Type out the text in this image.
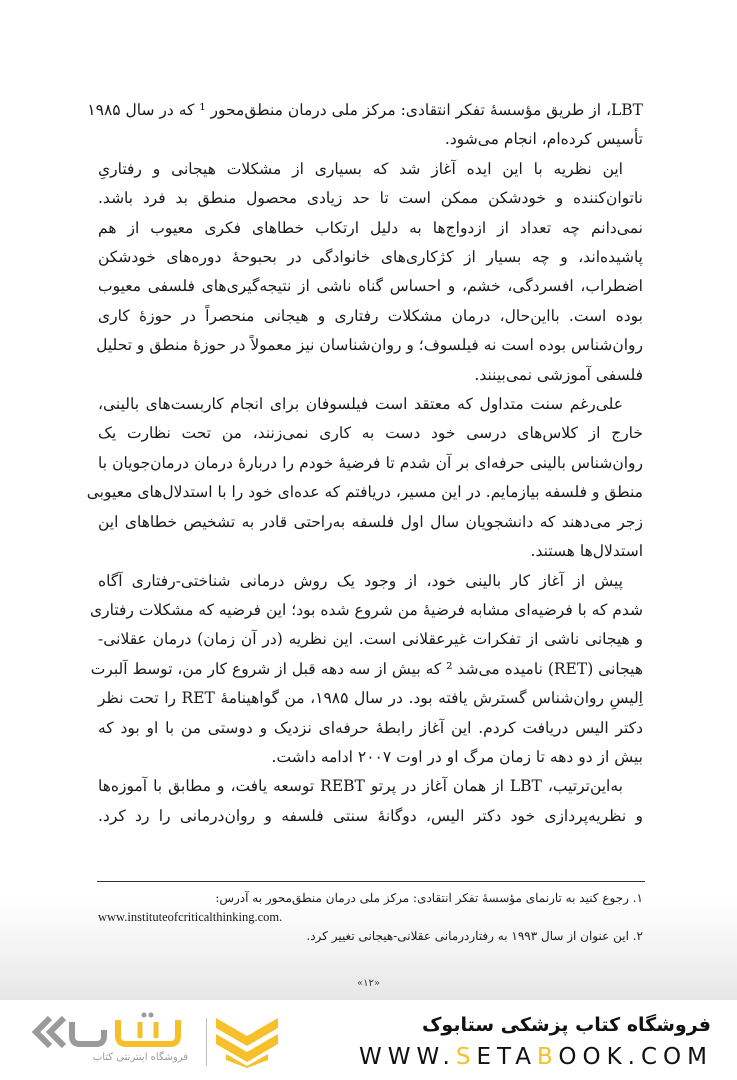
LBT، از طریق مؤسسهٔ تفکر انتقادی: مرکز ملی درمان منطق‌محور ¹ که در سال ۱۹۸۵
تأسیس کرده‌ام، انجام می‌شود.
این نظریه با این ایده آغاز شد که بسیاری از مشکلات هیجانی و رفتاریِ
ناتوان‌کننده و خودشکن ممکن است تا حد زیادی محصول منطق بد فرد باشد.
نمی‌دانم چه تعداد از ازدواج‌ها به دلیل ارتکاب خطاهای فکری معیوب از هم
پاشیده‌اند، و چه بسیار از کژکاری‌های خانوادگی در بحبوحهٔ دوره‌های خودشکن
اضطراب، افسردگی، خشم، و احساس گناه ناشی از نتیجه‌گیری‌های فلسفی معیوب
بوده است. بااین‌حال، درمان مشکلات رفتاری و هیجانی منحصراً در حوزهٔ کاری
روان‌شناس بوده است نه فیلسوف؛ و روان‌شناسان نیز معمولاً در حوزهٔ منطق و تحلیل
فلسفی آموزشی نمی‌بینند.
علی‌رغم سنت متداول که معتقد است فیلسوفان برای انجام کاربست‌های بالینی،
خارج از کلاس‌های درسی خود دست به کاری نمی‌زنند، من تحت نظارت یک
روان‌شناس بالینی حرفه‌ای بر آن شدم تا فرضیهٔ خودم را دربارهٔ درمان درمان‌جویان با
منطق و فلسفه بیازمایم. در این مسیر، دریافتم که عده‌ای خود را با استدلال‌های معیوبی
زجر می‌دهند که دانشجویان سال اول فلسفه به‌راحتی قادر به تشخیص خطاهای این
استدلال‌ها هستند.
پیش از آغاز کار بالینی خود، از وجود یک روش درمانی شناختی-رفتاری آگاه
شدم که با فرضیه‌ای مشابه فرضیهٔ من شروع شده بود؛ این فرضیه که مشکلات رفتاری
و هیجانی ناشی از تفکرات غیرعقلانی است. این نظریه (در آن زمان) درمان عقلانی-
هیجانی (RET) نامیده می‌شد ² که بیش از سه دهه قبل از شروع کار من، توسط آلبرت
اِلیسِ روان‌شناس گسترش یافته بود. در سال ۱۹۸۵، من گواهینامهٔ RET را تحت نظر
دکتر الیس دریافت کردم. این آغاز رابطهٔ حرفه‌ای نزدیک و دوستی من با او بود که
بیش از دو دهه تا زمان مرگ او در اوت ۲۰۰۷ ادامه داشت.
به‌این‌ترتیب، LBT از همان آغاز در پرتو REBT توسعه یافت، و مطابق با آموزه‌ها
و نظریه‌پردازی خود دکتر الیس، دوگانهٔ سنتی فلسفه و روان‌درمانی را رد کرد.
۱. رجوع کنید به تارنمای مؤسسهٔ تفکر انتقادی: مرکز ملی درمان منطق‌محور به آدرس:
www.instituteofcriticalthinking.com.
۲. این عنوان از سال ۱۹۹۳ به رفتاردرمانی عقلانی-هیجانی تغییر کرد.
«۱۲»
فروشگاه کتاب پزشکی ستابوک
WWW.SETABOOK.COM
فروشگاه اینترنتی کتاب
